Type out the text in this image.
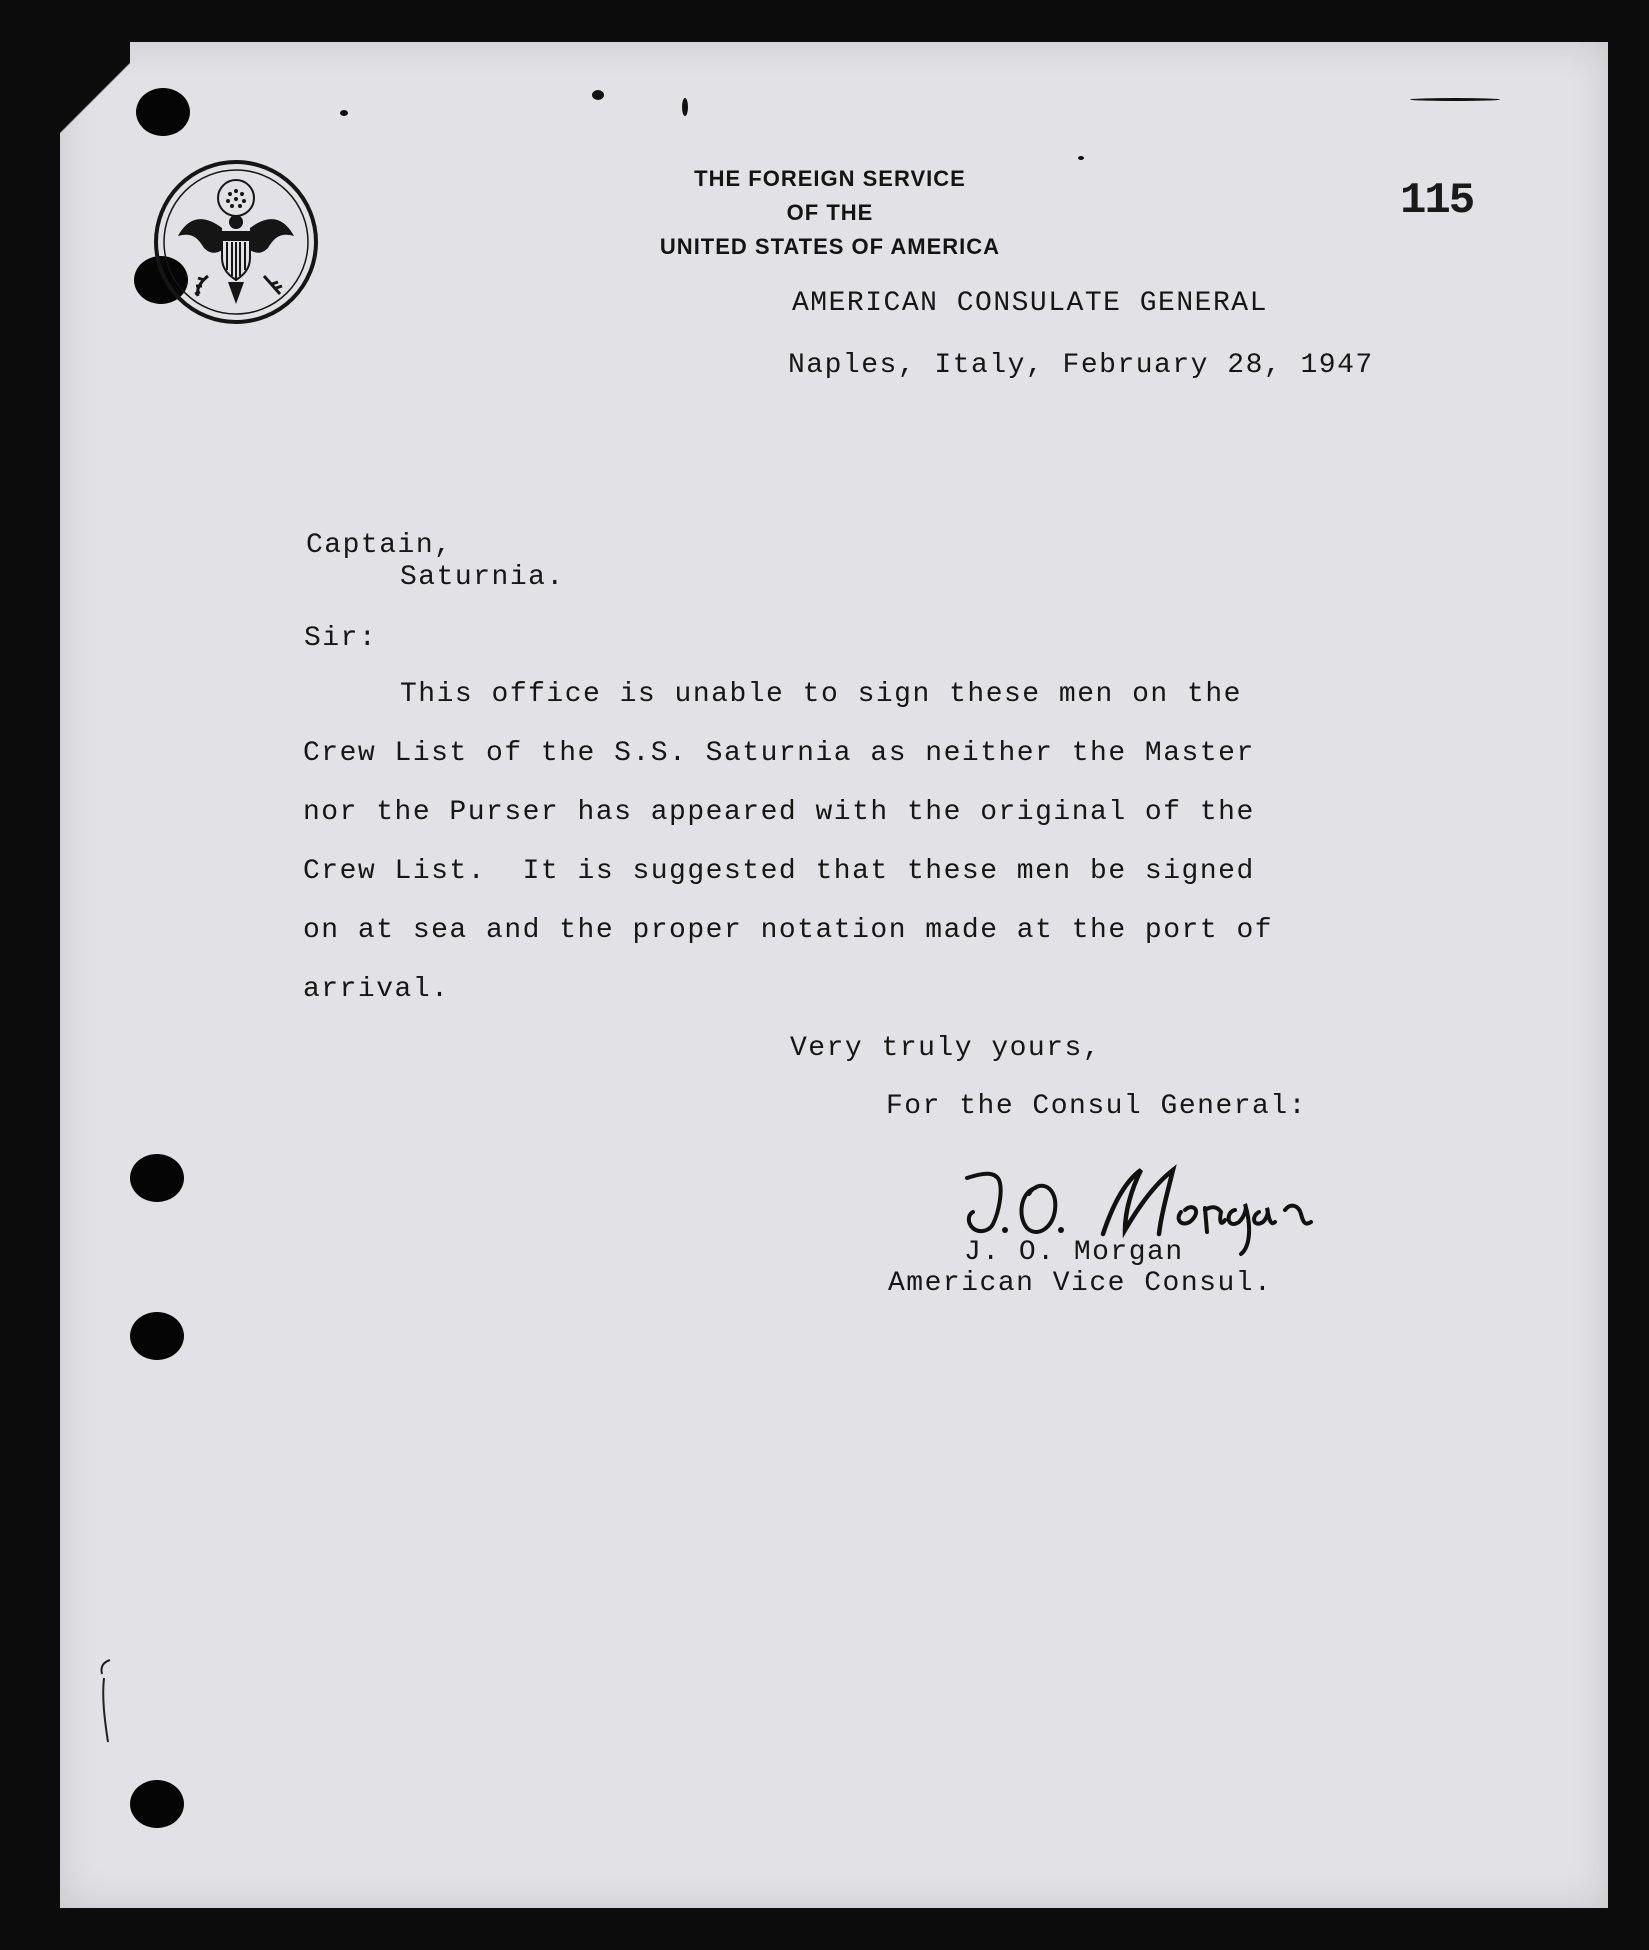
THE FOREIGN SERVICE
OF THE
UNITED STATES OF AMERICA
115
AMERICAN CONSULATE GENERAL
Naples, Italy, February 28, 1947
Captain,
Saturnia.
Sir:
This office is unable to sign these men on the
Crew List of the S.S. Saturnia as neither the Master
nor the Purser has appeared with the original of the
Crew List.  It is suggested that these men be signed
on at sea and the proper notation made at the port of
arrival.
Very truly yours,
For the Consul General:
J. O. Morgan
American Vice Consul.
